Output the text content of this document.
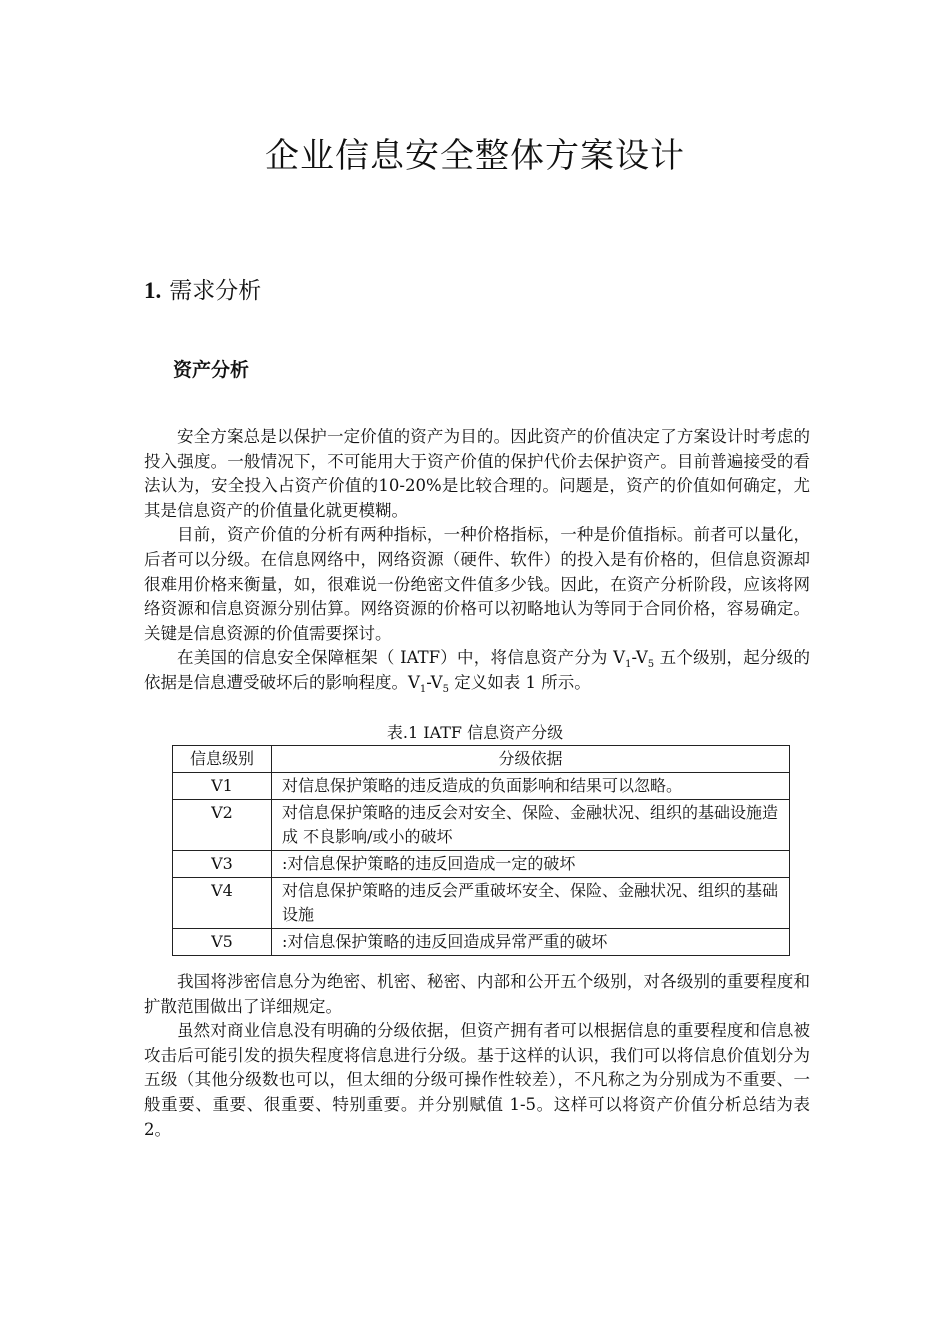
企业信息安全整体方案设计
1. 需求分析
资产分析

安全方案总是以保护一定价值的资产为目的。因此资产的价值决定了方案设计时考虑的投入强度。一般情况下，不可能用大于资产价值的保护代价去保护资产。目前普遍接受的看法认为，安全投入占资产价值的10-20%是比较合理的。问题是，资产的价值如何确定，尤其是信息资产的价值量化就更模糊。

目前，资产价值的分析有两种指标，一种价格指标，一种是价值指标。前者可以量化，后者可以分级。在信息网络中，网络资源（硬件、软件）的投入是有价格的，但信息资源却很难用价格来衡量，如，很难说一份绝密文件值多少钱。因此，在资产分析阶段，应该将网络资源和信息资源分别估算。网络资源的价格可以初略地认为等同于合同价格，容易确定。关键是信息资源的价值需要探讨。

在美国的信息安全保障框架（ IATF）中，将信息资产分为 $V_1-V_5$ 五个级别，起分级的依据是信息遭受破坏后的影响程度。$V_1-V_5$ 定义如表 1 所示。

表.1 IATF 信息资产分级
信息级别	分级依据
V1	对信息保护策略的违反造成的负面影响和结果可以忽略。
V2	对信息保护策略的违反会对安全、保险、金融状况、组织的基础设施造成 不良影响/或小的破坏
V3	:对信息保护策略的违反回造成一定的破坏
V4	对信息保护策略的违反会严重破坏安全、保险、金融状况、组织的基础设施
V5	:对信息保护策略的违反回造成异常严重的破坏

我国将涉密信息分为绝密、机密、秘密、内部和公开五个级别，对各级别的重要程度和扩散范围做出了详细规定。

虽然对商业信息没有明确的分级依据，但资产拥有者可以根据信息的重要程度和信息被攻击后可能引发的损失程度将信息进行分级。基于这样的认识，我们可以将信息价值划分为五级（其他分级数也可以，但太细的分级可操作性较差），不凡称之为分别成为不重要、一般重要、重要、很重要、特别重要。并分别赋值 1-5。这样可以将资产价值分析总结为表 2。
